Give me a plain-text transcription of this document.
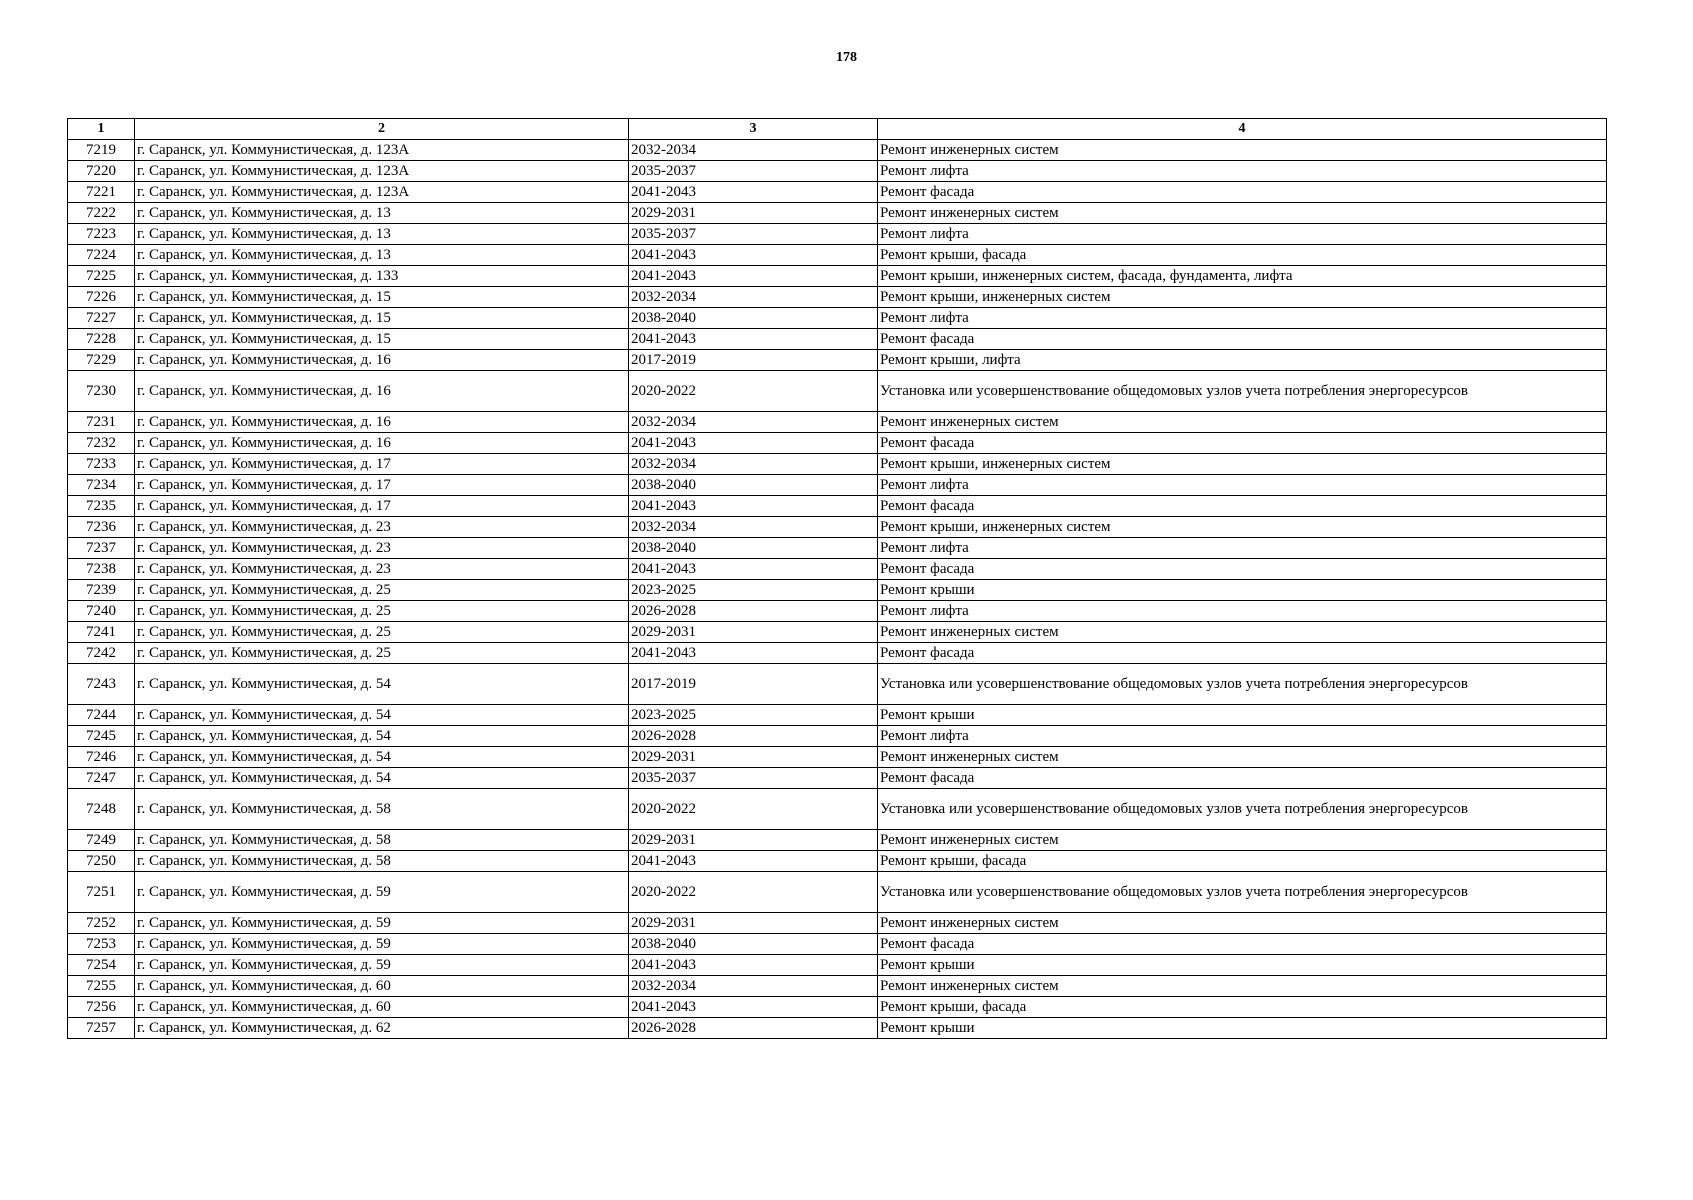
178
1	2	3	4
7219	г. Саранск, ул. Коммунистическая, д. 123А	2032-2034	Ремонт инженерных систем
7220	г. Саранск, ул. Коммунистическая, д. 123А	2035-2037	Ремонт лифта
7221	г. Саранск, ул. Коммунистическая, д. 123А	2041-2043	Ремонт фасада
7222	г. Саранск, ул. Коммунистическая, д. 13	2029-2031	Ремонт инженерных систем
7223	г. Саранск, ул. Коммунистическая, д. 13	2035-2037	Ремонт лифта
7224	г. Саранск, ул. Коммунистическая, д. 13	2041-2043	Ремонт крыши, фасада
7225	г. Саранск, ул. Коммунистическая, д. 133	2041-2043	Ремонт крыши, инженерных систем, фасада, фундамента, лифта
7226	г. Саранск, ул. Коммунистическая, д. 15	2032-2034	Ремонт крыши, инженерных систем
7227	г. Саранск, ул. Коммунистическая, д. 15	2038-2040	Ремонт лифта
7228	г. Саранск, ул. Коммунистическая, д. 15	2041-2043	Ремонт фасада
7229	г. Саранск, ул. Коммунистическая, д. 16	2017-2019	Ремонт крыши, лифта
7230	г. Саранск, ул. Коммунистическая, д. 16	2020-2022	Установка или усовершенствование общедомовых узлов учета потребления энергоресурсов
7231	г. Саранск, ул. Коммунистическая, д. 16	2032-2034	Ремонт инженерных систем
7232	г. Саранск, ул. Коммунистическая, д. 16	2041-2043	Ремонт фасада
7233	г. Саранск, ул. Коммунистическая, д. 17	2032-2034	Ремонт крыши, инженерных систем
7234	г. Саранск, ул. Коммунистическая, д. 17	2038-2040	Ремонт лифта
7235	г. Саранск, ул. Коммунистическая, д. 17	2041-2043	Ремонт фасада
7236	г. Саранск, ул. Коммунистическая, д. 23	2032-2034	Ремонт крыши, инженерных систем
7237	г. Саранск, ул. Коммунистическая, д. 23	2038-2040	Ремонт лифта
7238	г. Саранск, ул. Коммунистическая, д. 23	2041-2043	Ремонт фасада
7239	г. Саранск, ул. Коммунистическая, д. 25	2023-2025	Ремонт крыши
7240	г. Саранск, ул. Коммунистическая, д. 25	2026-2028	Ремонт лифта
7241	г. Саранск, ул. Коммунистическая, д. 25	2029-2031	Ремонт инженерных систем
7242	г. Саранск, ул. Коммунистическая, д. 25	2041-2043	Ремонт фасада
7243	г. Саранск, ул. Коммунистическая, д. 54	2017-2019	Установка или усовершенствование общедомовых узлов учета потребления энергоресурсов
7244	г. Саранск, ул. Коммунистическая, д. 54	2023-2025	Ремонт крыши
7245	г. Саранск, ул. Коммунистическая, д. 54	2026-2028	Ремонт лифта
7246	г. Саранск, ул. Коммунистическая, д. 54	2029-2031	Ремонт инженерных систем
7247	г. Саранск, ул. Коммунистическая, д. 54	2035-2037	Ремонт фасада
7248	г. Саранск, ул. Коммунистическая, д. 58	2020-2022	Установка или усовершенствование общедомовых узлов учета потребления энергоресурсов
7249	г. Саранск, ул. Коммунистическая, д. 58	2029-2031	Ремонт инженерных систем
7250	г. Саранск, ул. Коммунистическая, д. 58	2041-2043	Ремонт крыши, фасада
7251	г. Саранск, ул. Коммунистическая, д. 59	2020-2022	Установка или усовершенствование общедомовых узлов учета потребления энергоресурсов
7252	г. Саранск, ул. Коммунистическая, д. 59	2029-2031	Ремонт инженерных систем
7253	г. Саранск, ул. Коммунистическая, д. 59	2038-2040	Ремонт фасада
7254	г. Саранск, ул. Коммунистическая, д. 59	2041-2043	Ремонт крыши
7255	г. Саранск, ул. Коммунистическая, д. 60	2032-2034	Ремонт инженерных систем
7256	г. Саранск, ул. Коммунистическая, д. 60	2041-2043	Ремонт крыши, фасада
7257	г. Саранск, ул. Коммунистическая, д. 62	2026-2028	Ремонт крыши
